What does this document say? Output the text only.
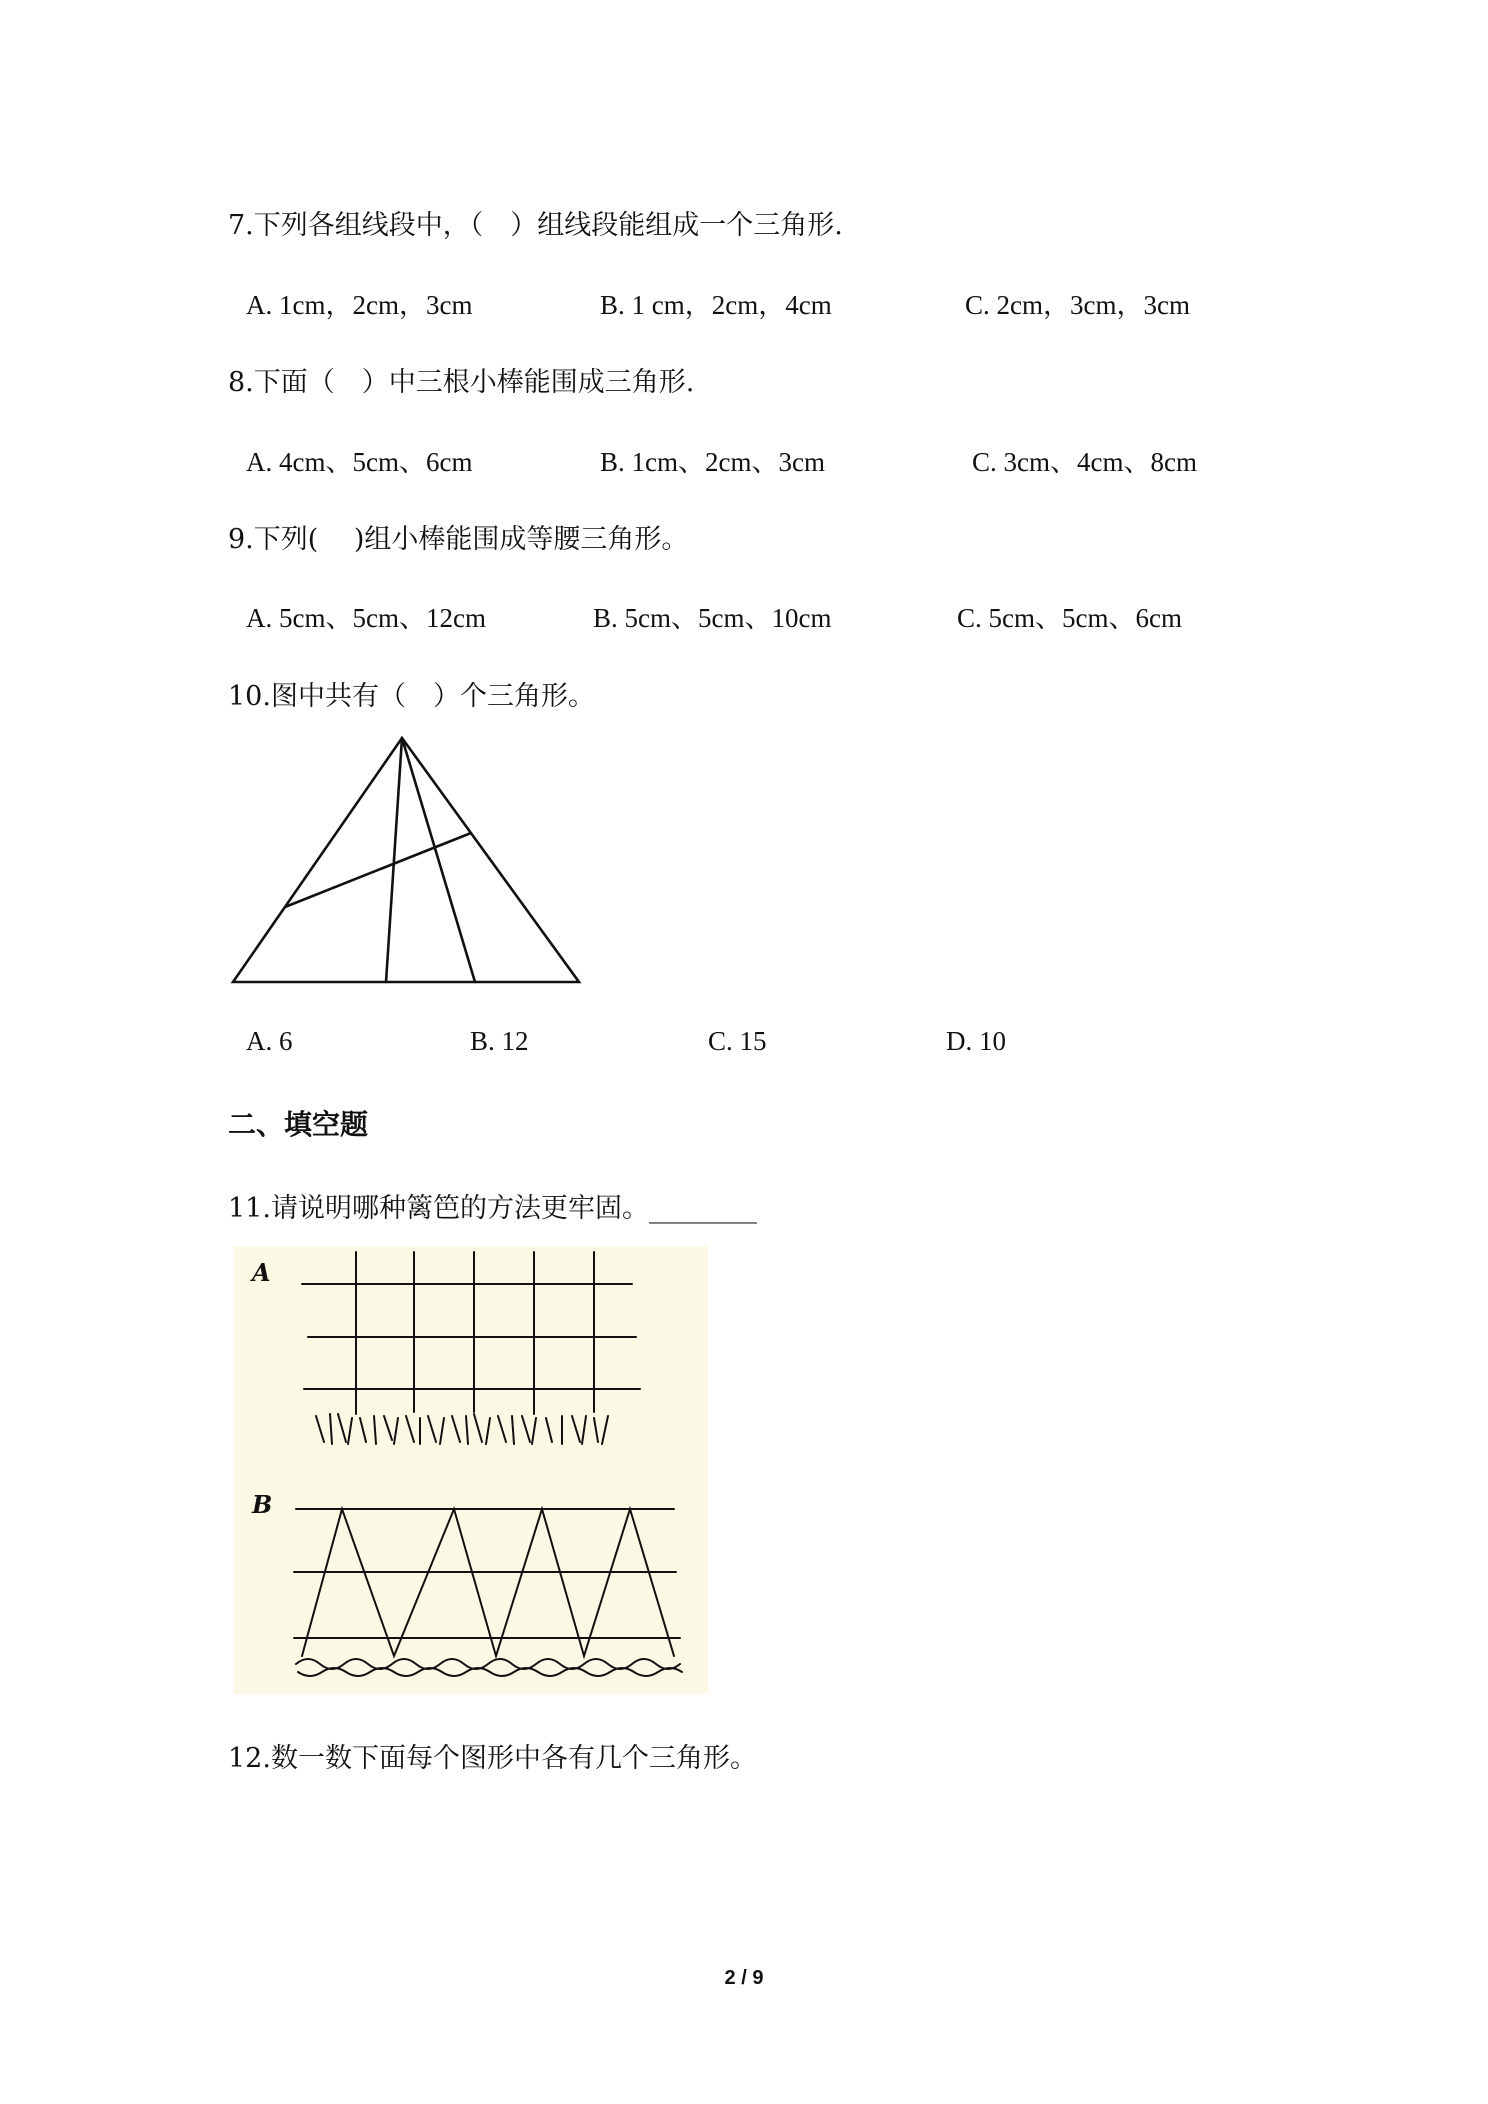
7.下列各组线段中，（　）组线段能组成一个三角形.
A. 1cm，2cm，3cm	B. 1 cm，2cm，4cm	C. 2cm，3cm，3cm
8.下面（　）中三根小棒能围成三角形.
A. 4cm、5cm、6cm	B. 1cm、2cm、3cm	C. 3cm、4cm、8cm
9.下列(　 )组小棒能围成等腰三角形。
A. 5cm、5cm、12cm	B. 5cm、5cm、10cm	C. 5cm、5cm、6cm
10.图中共有（　）个三角形。
A. 6	B. 12	C. 15	D. 10
二、填空题
11.请说明哪种篱笆的方法更牢固。________
A
B
12.数一数下面每个图形中各有几个三角形。
2 / 9
